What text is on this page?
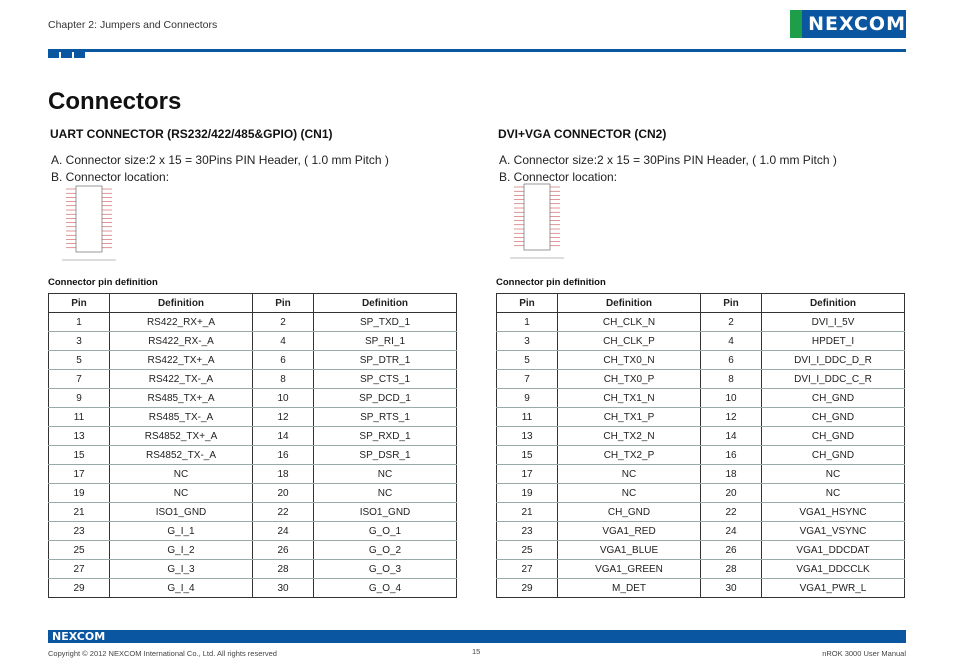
Chapter 2: Jumpers and Connectors	NEXCOM
Connectors

UART CONNECTOR (RS232/422/485&GPIO) (CN1)

A. Connector size:2 x 15 = 30Pins PIN Header, ( 1.0 mm Pitch )

B. Connector location:

DVI+VGA CONNECTOR (CN2)

A. Connector size:2 x 15 = 30Pins PIN Header, ( 1.0 mm Pitch )

B. Connector location:

Connector pin definition	Connector pin definition
Pin	Definition	Pin	Definition
1	RS422_RX+_A	2	SP_TXD_1
3	RS422_RX-_A	4	SP_RI_1
5	RS422_TX+_A	6	SP_DTR_1
7	RS422_TX-_A	8	SP_CTS_1
9	RS485_TX+_A	10	SP_DCD_1
11	RS485_TX-_A	12	SP_RTS_1
13	RS4852_TX+_A	14	SP_RXD_1
15	RS4852_TX-_A	16	SP_DSR_1
17	NC	18	NC
19	NC	20	NC
21	ISO1_GND	22	ISO1_GND
23	G_I_1	24	G_O_1
25	G_I_2	26	G_O_2
27	G_I_3	28	G_O_3
29	G_I_4	30	G_O_4
Pin	Definition	Pin	Definition
1	CH_CLK_N	2	DVI_I_5V
3	CH_CLK_P	4	HPDET_I
5	CH_TX0_N	6	DVI_I_DDC_D_R
7	CH_TX0_P	8	DVI_I_DDC_C_R
9	CH_TX1_N	10	CH_GND
11	CH_TX1_P	12	CH_GND
13	CH_TX2_N	14	CH_GND
15	CH_TX2_P	16	CH_GND
17	NC	18	NC
19	NC	20	NC
21	CH_GND	22	VGA1_HSYNC
23	VGA1_RED	24	VGA1_VSYNC
25	VGA1_BLUE	26	VGA1_DDCDAT
27	VGA1_GREEN	28	VGA1_DDCCLK
29	M_DET	30	VGA1_PWR_L
NEXCOM
Copyright © 2012 NEXCOM International Co., Ltd. All rights reserved	15	nROK 3000 User Manual
